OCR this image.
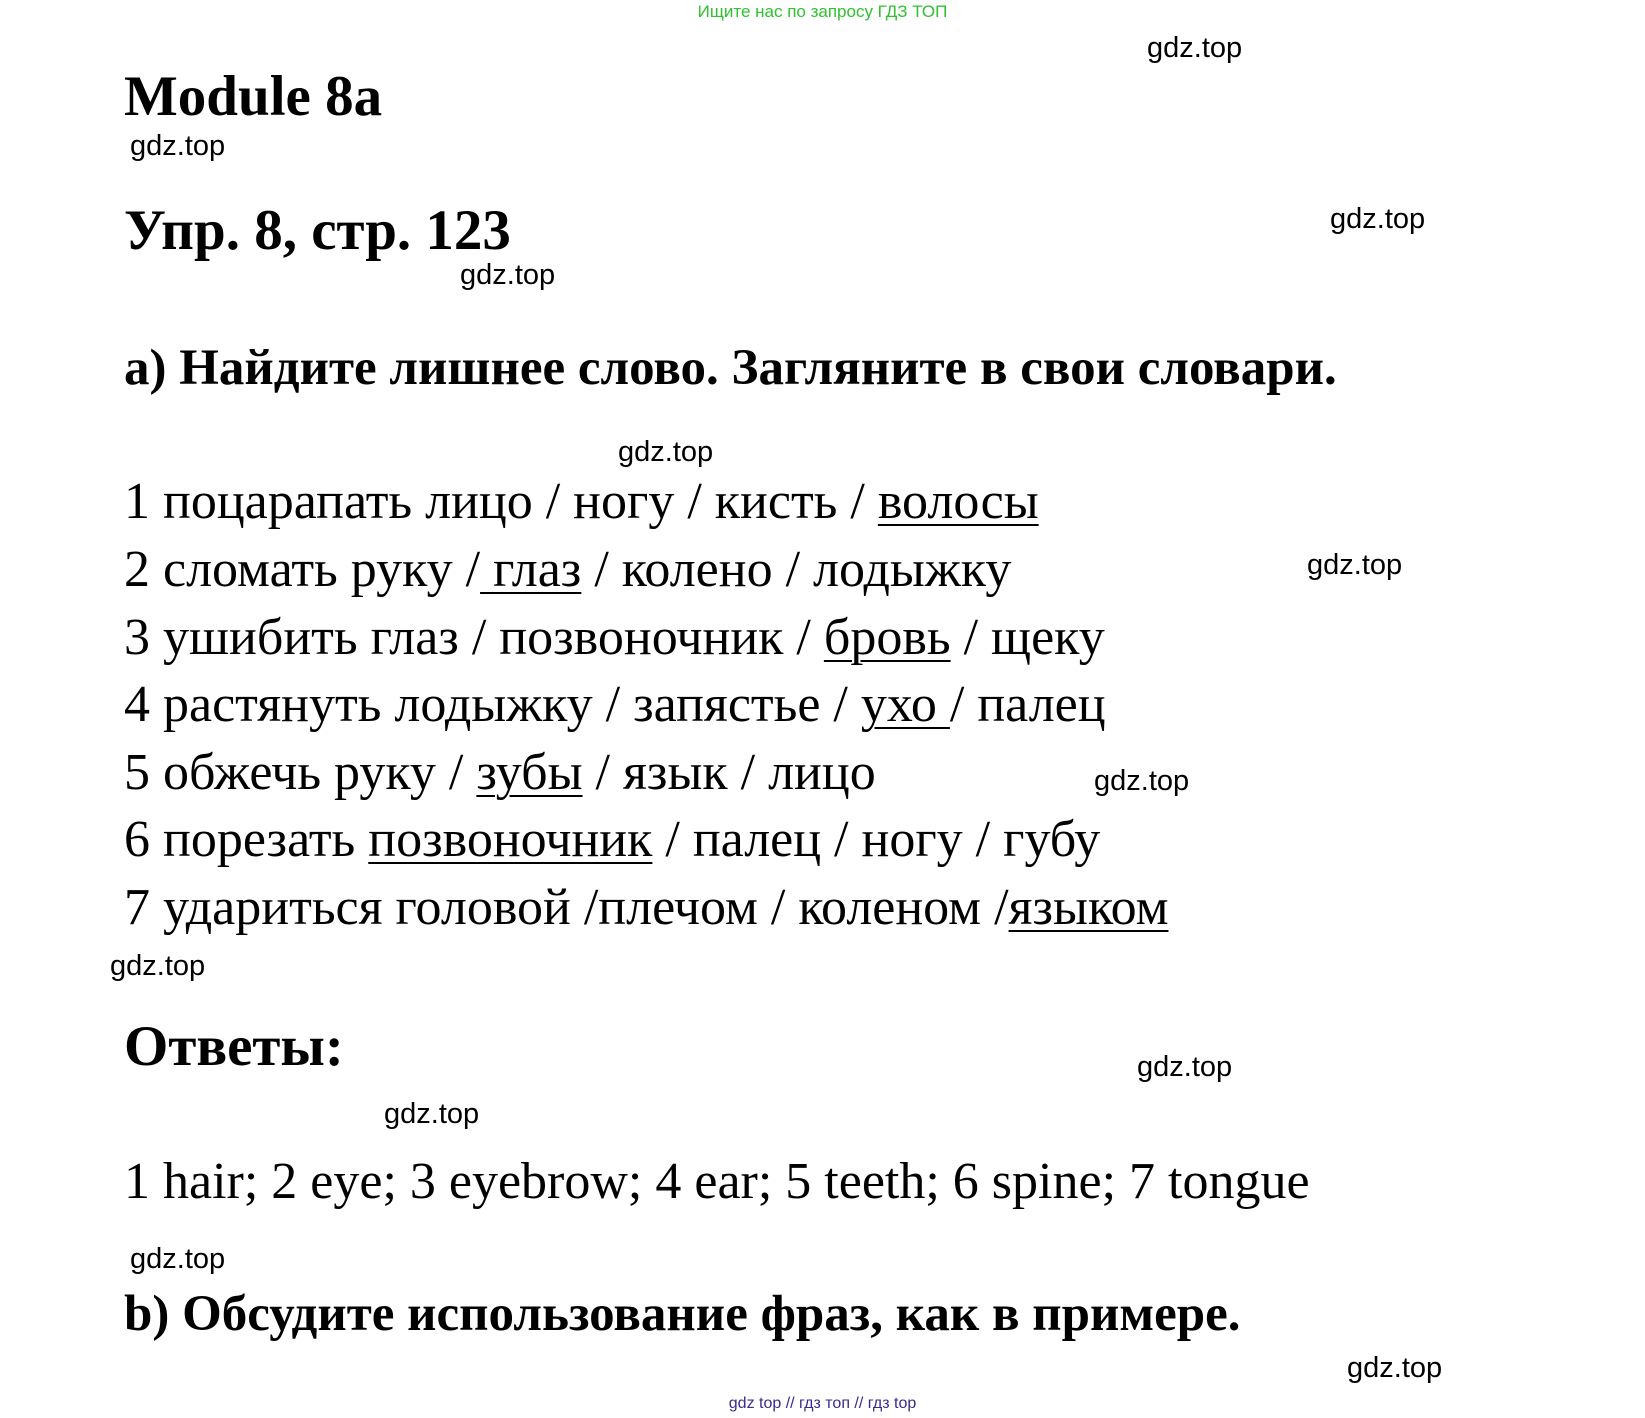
Ищите нас по запросу ГДЗ ТОП
gdz.top
Module 8a
gdz.top
Упр. 8, стр. 123	gdz.top
gdz.top
a) Найдите лишнее слово. Загляните в свои словари.
gdz.top
1 поцарапать лицо / ногу / кисть / волосы
2 сломать руку / глаз / колено / лодыжку	gdz.top
3 ушибить глаз / позвоночник / бровь / щеку
4 растянуть лодыжку / запястье / ухо / палец
5 обжечь руку / зубы / язык / лицо	gdz.top
6 порезать позвоночник / палец / ногу / губу
7 удариться головой /плечом / коленом /языком
gdz.top
Ответы:	gdz.top
gdz.top
1 hair; 2 eye; 3 eyebrow; 4 ear; 5 teeth; 6 spine; 7 tongue
gdz.top
b) Обсудите использование фраз, как в примере.
gdz.top
gdz top // гдз топ // гдз top
